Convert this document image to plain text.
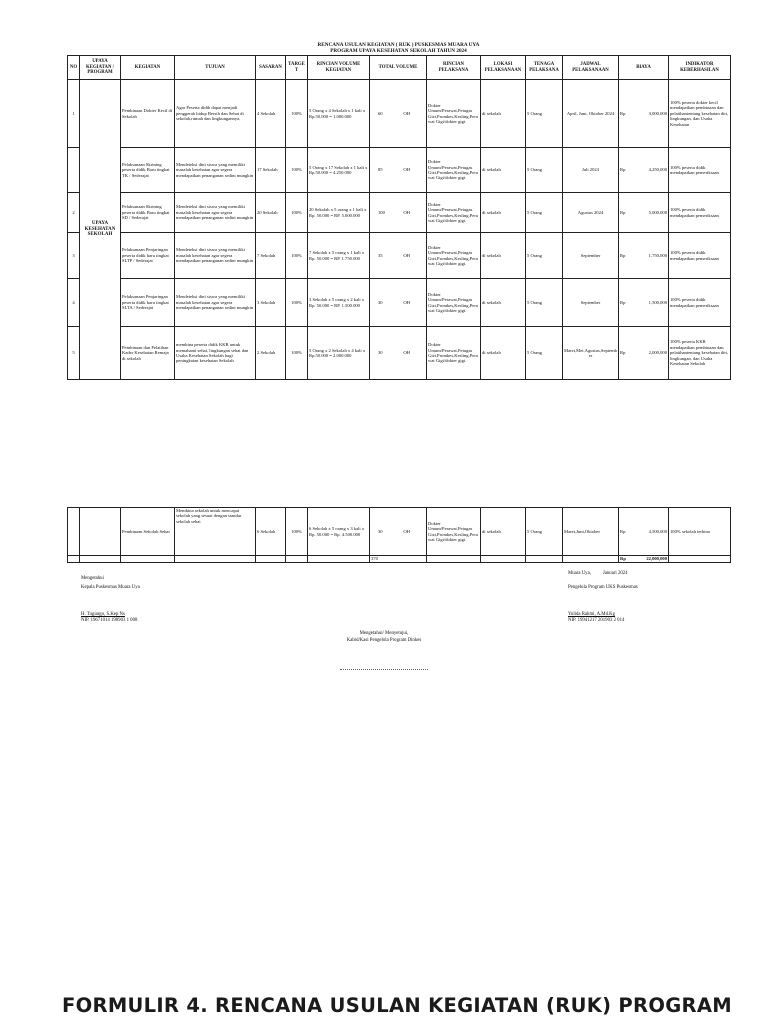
RENCANA USULAN KEGIATAN ( RUK ) PUSKESMAS MUARA UYA
PROGRAM UPAYA KESEHATAN SEKOLAH TAHUN 2024
NO	UPAYA KEGIATAN / PROGRAM	KEGIATAN	TUJUAN	SASARAN	TARGET	RINCIAN VOLUME KEGIATAN	TOTAL VOLUME	RINCIAN PELAKSANA	LOKASI PELAKSANAAN	TENAGA PELAKSANA	JADWAL PELAKSANAAN	BIAYA	INDIKATOR KEBERHASILAN
1	UPAYA KESEHATAN SEKOLAH	Pembinaan Dokter Kecil di Sekolah	Agar Peserta didik dapat menjadi penggerak hidup Bersih dan Sehat di sekolah,rumah dan lingkungannya.	4 Sekolah	100%	5 Orang x 4 Sekolah x 1 kali x Rp.50.000 = 1.000.000	60 OH	Dokter Umum/Perawat,Petugas Gizi,Promkes,Kesling,Perawat Gigi/dokter gigi.	di sekolah	5 Orang	April, Juni, Oktober 2024	Rp 3,000,000	100% peserta dokter kecil mendapatkan pembinaan dan pelatihantentang kesehatan diri, lingkungan, dan Usaha Kesehatan
		Pelaksanaan Skrining peserta didik Baru tingkat TK / Sederajat	Mendeteksi dini siswa yang memiliki masalah kesehatan agar segera mendapatkan penanganan sedini mungkin	17 Sekolah	100%	5 Orang x 17 Sekolah x 1 kali x Rp.50.000 = 4.250.000	85 OH	Dokter Umum/Perawat,Petugas Gizi,Promkes,Kesling,Perawat Gigi/dokter gigi.	di sekolah	5 Orang	Juli 2024	Rp 4,250,000	100% peserta didik mendapatkan pemeriksaan
2		Pelaksanaan Skrining peserta didik Baru tingkat SD / Sederajat	Mendeteksi dini siswa yang memiliki masalah kesehatan agar segera mendapatkan penanganan sedini mungkin	20 Sekolah	100%	20 Sekolah x 5 orang x 1 kali x Rp. 50.000 = RP. 5.000.000	100 OH	Dokter Umum/Perawat,Petugas Gizi,Promkes,Kesling,Perawat Gigi/dokter gigi.	di sekolah	5 Orang	Agustus 2024	Rp 5,000,000	100% peserta didik mendapatkan pemeriksaan
3		Pelaksanaan Penjaringan peserta didik baru tingkat SLTP / Sederajat	Mendeteksi dini siswa yang memiliki masalah kesehatan agar segera mendapatkan penanganan sedini mungkin	7 Sekolah	100%	7 Sekolah x 5 orang x 1 kali x Rp. 50.000 = RP. 1.750.000	35 OH	Dokter Umum/Perawat,Petugas Gizi,Promkes,Kesling,Perawat Gigi/dokter gigi.	di sekolah	5 Orang	September	Rp 1,750,000	100% peserta didik mendapatkan pemeriksaan
4		Pelaksanaan Penjaringan peserta didik baru tingkat SLTA / Sederajat	Mendeteksi dini siswa yang memiliki masalah kesehatan agar segera mendapatkan penanganan sedini mungkin	3 Sekolah	100%	3 Sekolah x 5 orang x 2 kali x Rp. 50.000 = RP. 1.500.000	30 OH	Dokter Umum/Perawat,Petugas Gizi,Promkes,Kesling,Perawat Gigi/dokter gigi.	di sekolah	5 Orang	September	Rp 1,500,000	100% peserta didik mendapatkan pemeriksaan
5		Pembinaan dan Pelatihan Kader Kesehatan Remaja di sekolah	membina peserta didik KKR untuk memahami sehat, lingkungan sehat dan Usaha Kesehatan Sekolah bagi peningkatan kesehatan Sekolah	2 Sekolah	100%	5 Orang x 2 Sekolah x 4 kali x Rp.50.000 = 2.000.000	30 OH	Dokter Umum/Perawat,Petugas Gizi,Promkes,Kesling,Perawat Gigi/dokter gigi.	di sekolah	5 Orang	Maret,Mei,Agustus,September	Rp 2,000,000	100% peserta KKR mendapatkan pembinaan dan pelatihantentang kesehatan diri, lingkungan, dan Usaha Kesehatan Sekolah
		Pembinaan Sekolah Sehat	Membina sekolah untuk mencapai sekolah yang sesuai dengan standar sekolah sehat	6 Sekolah	100%	6 Sekolah x 5 orang x 3 kali x Rp. 50.000 = Rp. 4.500.000	30 OH	Dokter Umum/Perawat,Petugas Gizi,Promkes,Kesling,Perawat Gigi/dokter gigi.	di sekolah	5 Orang	Maret,Juni,Oktober	Rp 4,500,000	100% sekolah terbina
							370					Rp 22,000,000	

Mengetahui
Kepala Puskesmas Muara Uya
H. Tugiargo, S.Kep Ns
NIP. 19671014 198903 1 008
Muara Uya,          Januari 2024
Pengelola Program UKS Puskesmas
Yulida Rahmi, A.Md.Kg
NIP. 19941217 201903 2 014
Mengetahui/ Menyetujui,
Kabid/Kasi Pengelola Program Dinkes
FORMULIR 4. RENCANA USULAN KEGIATAN (RUK) PROGRAM
